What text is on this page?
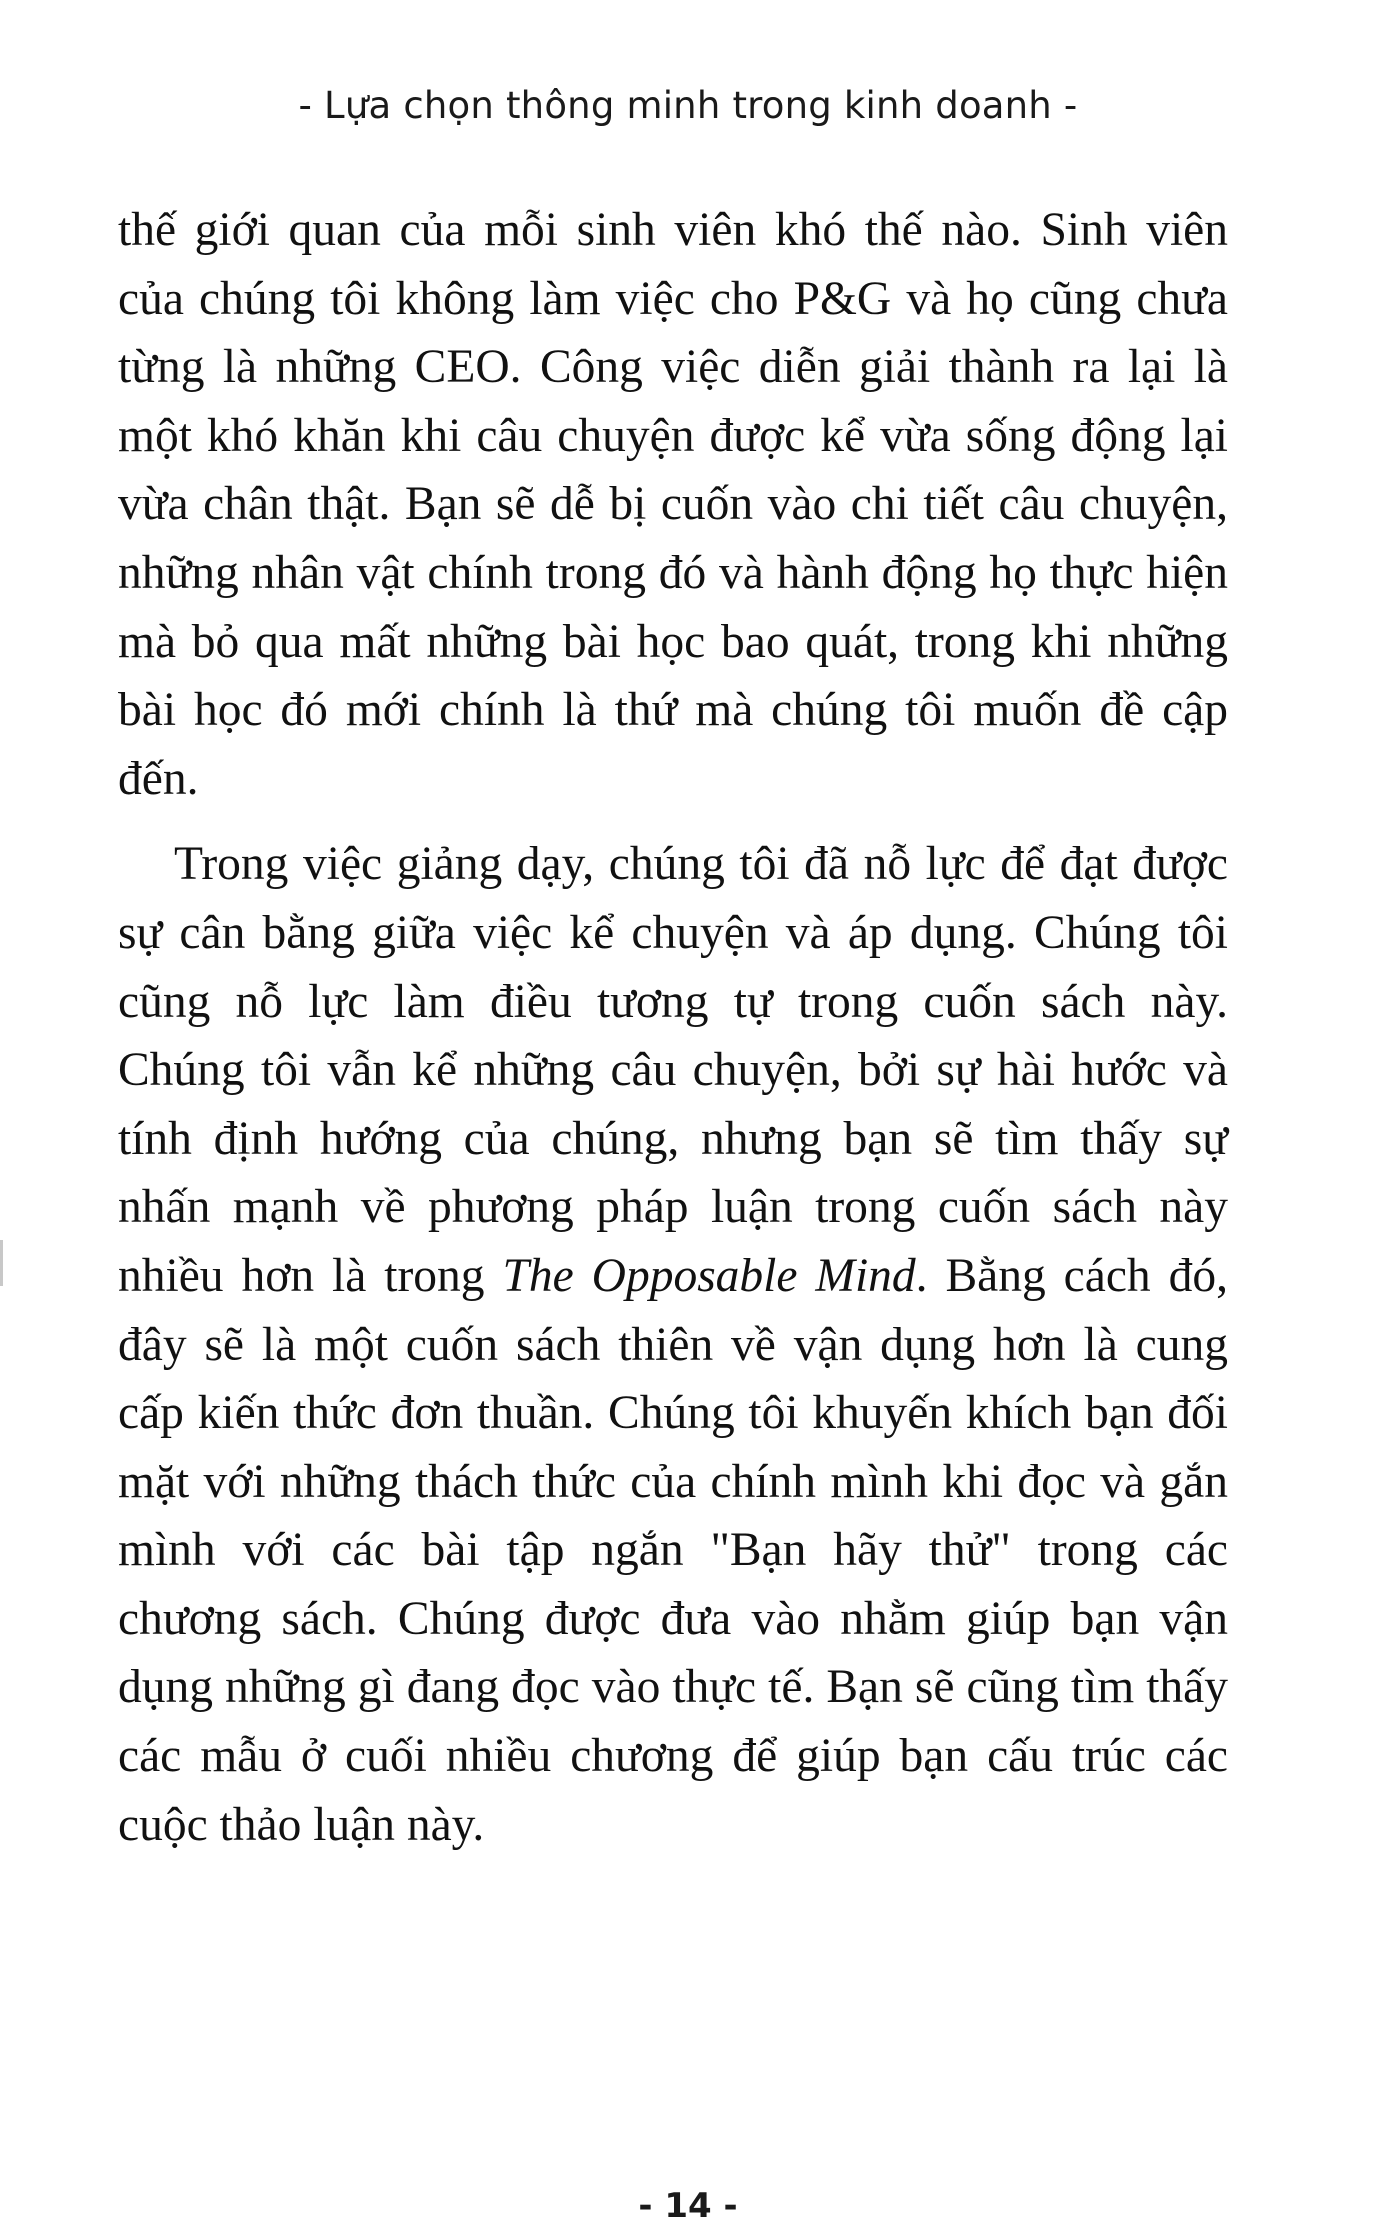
- Lựa chọn thông minh trong kinh doanh -

thế giới quan của mỗi sinh viên khó thế nào. Sinh viên của chúng tôi không làm việc cho P&G và họ cũng chưa từng là những CEO. Công việc diễn giải thành ra lại là một khó khăn khi câu chuyện được kể vừa sống động lại vừa chân thật. Bạn sẽ dễ bị cuốn vào chi tiết câu chuyện, những nhân vật chính trong đó và hành động họ thực hiện mà bỏ qua mất những bài học bao quát, trong khi những bài học đó mới chính là thứ mà chúng tôi muốn đề cập đến.

Trong việc giảng dạy, chúng tôi đã nỗ lực để đạt được sự cân bằng giữa việc kể chuyện và áp dụng. Chúng tôi cũng nỗ lực làm điều tương tự trong cuốn sách này. Chúng tôi vẫn kể những câu chuyện, bởi sự hài hước và tính định hướng của chúng, nhưng bạn sẽ tìm thấy sự nhấn mạnh về phương pháp luận trong cuốn sách này nhiều hơn là trong The Opposable Mind. Bằng cách đó, đây sẽ là một cuốn sách thiên về vận dụng hơn là cung cấp kiến thức đơn thuần. Chúng tôi khuyến khích bạn đối mặt với những thách thức của chính mình khi đọc và gắn mình với các bài tập ngắn "Bạn hãy thử" trong các chương sách. Chúng được đưa vào nhằm giúp bạn vận dụng những gì đang đọc vào thực tế. Bạn sẽ cũng tìm thấy các mẫu ở cuối nhiều chương để giúp bạn cấu trúc các cuộc thảo luận này.

- 14 -
